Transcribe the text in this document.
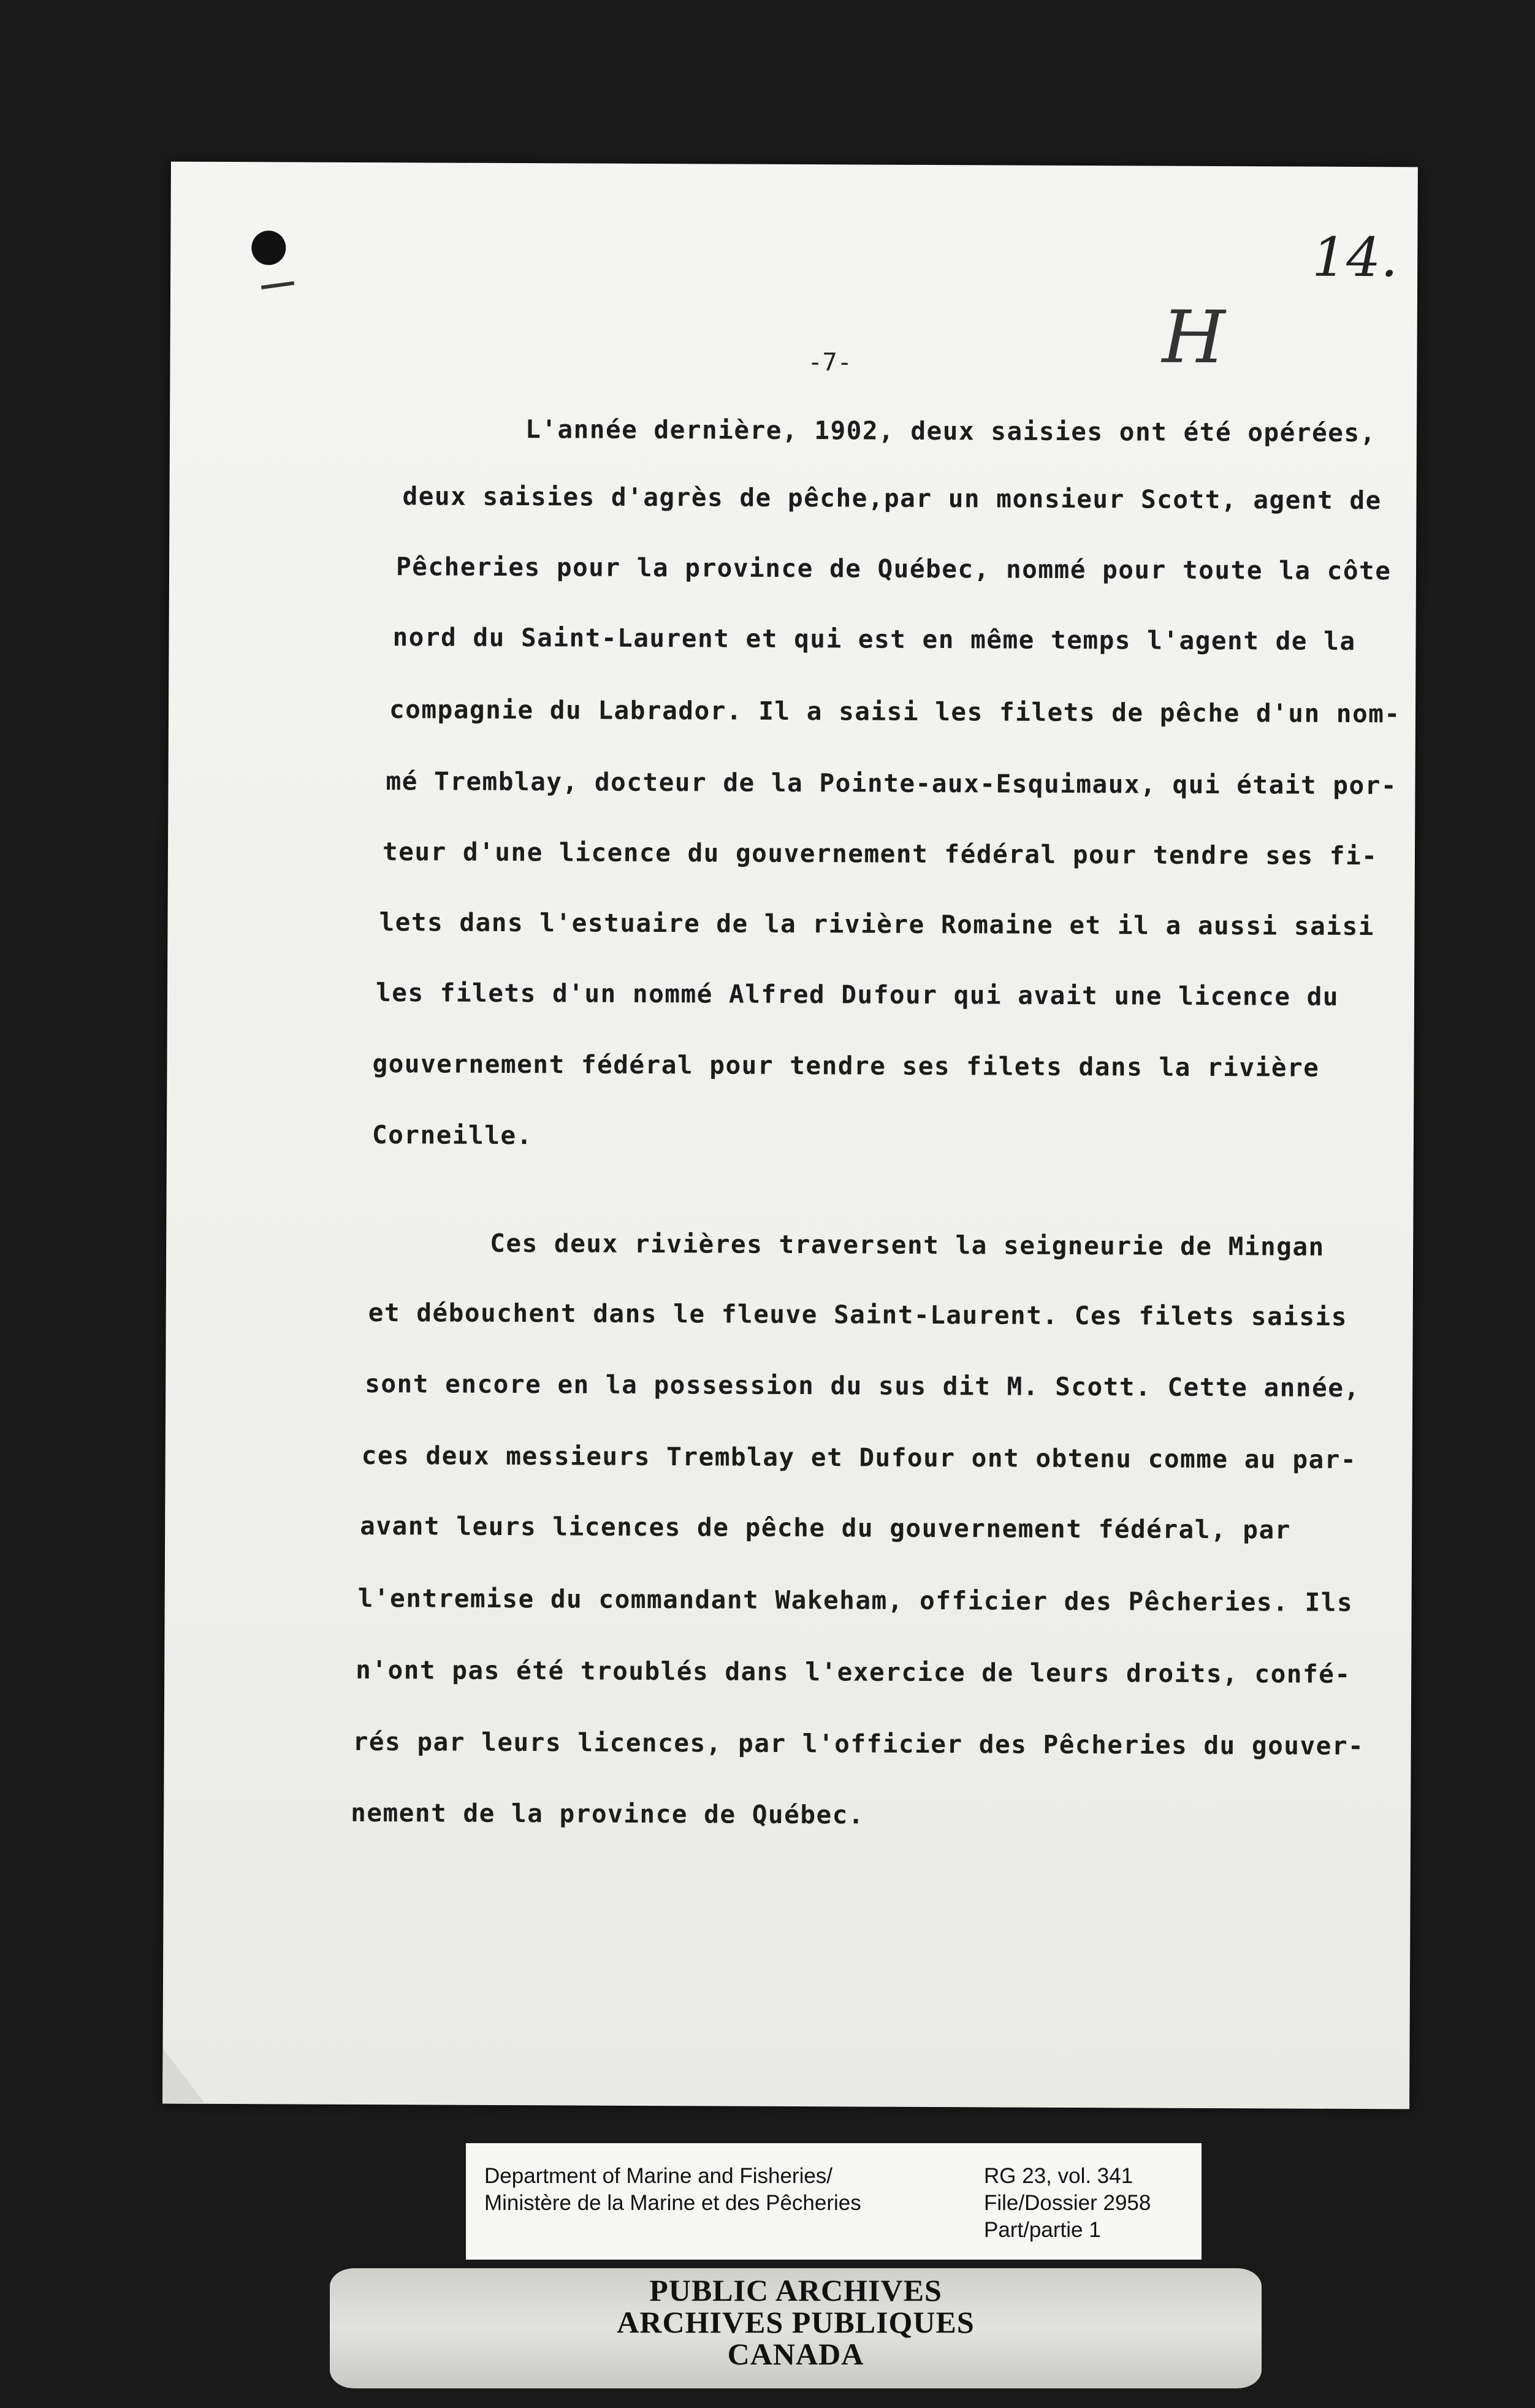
14.
H
-7-
L'année dernière, 1902, deux saisies ont été opérées,
deux saisies d'agrès de pêche,par un monsieur Scott, agent de
Pêcheries pour la province de Québec, nommé pour toute la côte
nord du Saint-Laurent et qui est en même temps l'agent de la
compagnie du Labrador. Il a saisi les filets de pêche d'un nom-
mé Tremblay, docteur de la Pointe-aux-Esquimaux, qui était por-
teur d'une licence du gouvernement fédéral pour tendre ses fi-
lets dans l'estuaire de la rivière Romaine et il a aussi saisi
les filets d'un nommé Alfred Dufour qui avait une licence du
gouvernement fédéral pour tendre ses filets dans la rivière
Corneille.
Ces deux rivières traversent la seigneurie de Mingan
et débouchent dans le fleuve Saint-Laurent. Ces filets saisis
sont encore en la possession du sus dit M. Scott. Cette année,
ces deux messieurs Tremblay et Dufour ont obtenu comme au par-
avant leurs licences de pêche du gouvernement fédéral, par
l'entremise du commandant Wakeham, officier des Pêcheries. Ils
n'ont pas été troublés dans l'exercice de leurs droits, confé-
rés par leurs licences, par l'officier des Pêcheries du gouver-
nement de la province de Québec.
Department of Marine and Fisheries/
Ministère de la Marine et des Pêcheries
RG 23, vol. 341
File/Dossier 2958
Part/partie 1
PUBLIC ARCHIVES
ARCHIVES PUBLIQUES
CANADA
